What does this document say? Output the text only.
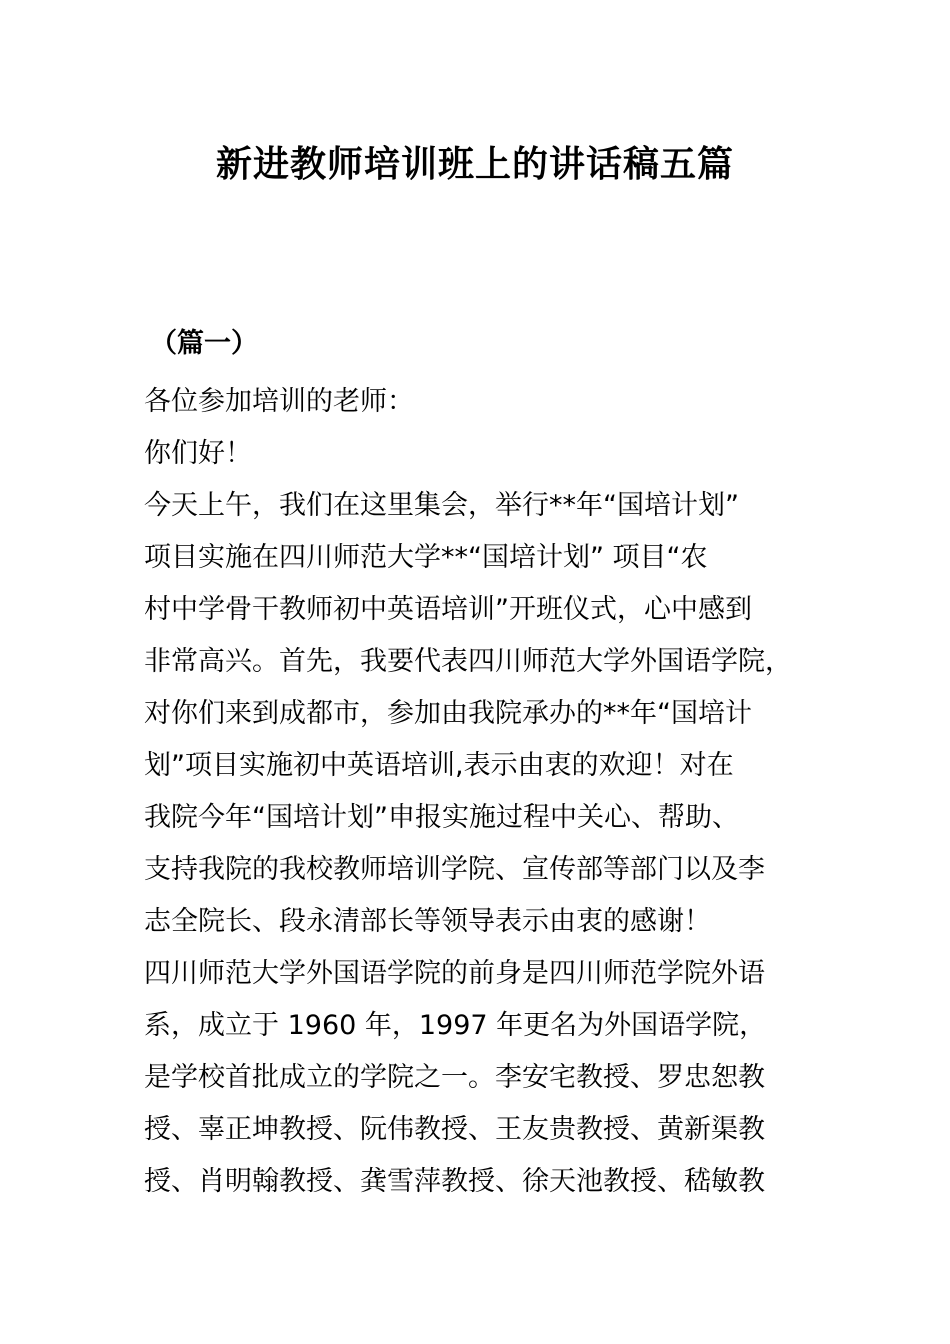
新进教师培训班上的讲话稿五篇
（篇一）
各位参加培训的老师：
你们好！
今天上午，我们在这里集会，举行**年“国培计划”
项目实施在四川师范大学**“国培计划” 项目“农
村中学骨干教师初中英语培训”开班仪式，心中感到
非常高兴。首先，我要代表四川师范大学外国语学院，
对你们来到成都市，参加由我院承办的**年“国培计
划”项目实施初中英语培训,表示由衷的欢迎！对在
我院今年“国培计划”申报实施过程中关心、帮助、
支持我院的我校教师培训学院、宣传部等部门以及李
志全院长、段永清部长等领导表示由衷的感谢！
四川师范大学外国语学院的前身是四川师范学院外语
系，成立于 1960 年，1997 年更名为外国语学院，
是学校首批成立的学院之一。李安宅教授、罗忠恕教
授、辜正坤教授、阮伟教授、王友贵教授、黄新渠教
授、肖明翰教授、龚雪萍教授、徐天池教授、嵇敏教
